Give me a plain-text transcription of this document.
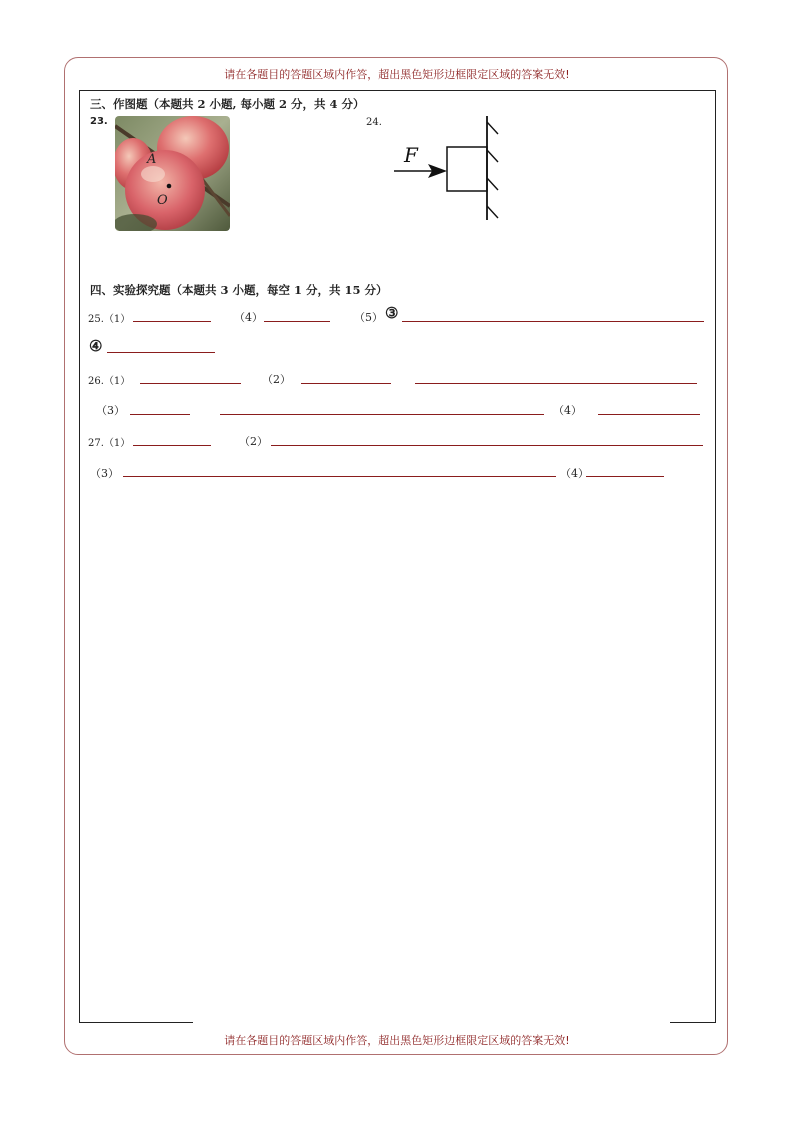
请在各题目的答题区域内作答，超出黑色矩形边框限定区域的答案无效!
请在各题目的答题区域内作答，超出黑色矩形边框限定区域的答案无效!
三、作图题（本题共 2 小题, 每小题 2 分，共 4 分）
23.
A
O
24.
F
四、实验探究题（本题共 3 小题，每空 1 分，共 15 分）
25.（1）	（4）	（5） ③
④
26.（1）	（2）
（3）	（4）
27.（1）	（2）
（3）	（4）
